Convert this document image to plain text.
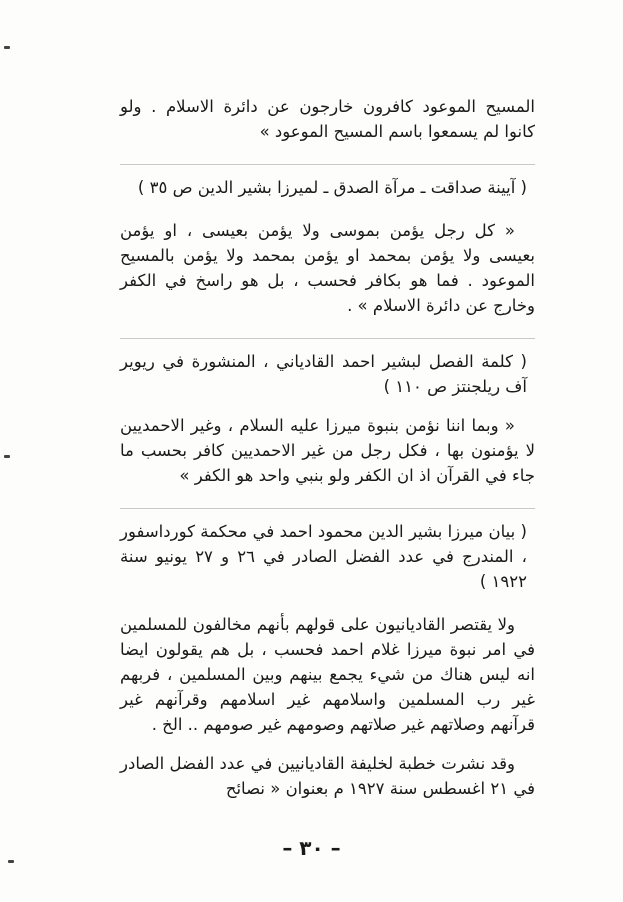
المسيح الموعود كافرون خارجون عن دائرة الاسلام . ولو كانوا لم يسمعوا باسم المسيح الموعود »

( آيينة صداقت ـ مرآة الصدق ـ لميرزا بشير الدين ص ٣٥ )

« كل رجل يؤمن بموسى ولا يؤمن بعيسى ، او يؤمن بعيسى ولا يؤمن بمحمد او يؤمن بمحمد ولا يؤمن بالمسيح الموعود . فما هو بكافر فحسب ، بل هو راسخ في الكفر وخارج عن دائرة الاسلام » .

( كلمة الفصل لبشير احمد القادياني ، المنشورة في ريوير آف ريلجنتز ص ١١٠ )

« وبما اننا نؤمن بنبوة ميرزا عليه السلام ، وغير الاحمديين لا يؤمنون بها ، فكل رجل من غير الاحمديين كافر بحسب ما جاء في القرآن اذ ان الكفر ولو بنبي واحد هو الكفر »

( بيان ميرزا بشير الدين محمود احمد في محكمة كورداسفور ، المندرج في عدد الفضل الصادر في ٢٦ و ٢٧ يونيو سنة ١٩٢٢ )

ولا يقتصر القاديانيون على قولهم بأنهم مخالفون للمسلمين في امر نبوة ميرزا غلام احمد فحسب ، بل هم يقولون ايضا انه ليس هناك من شيء يجمع بينهم وبين المسلمين ، فربهم غير رب المسلمين واسلامهم غير اسلامهم وقرآنهم غير قرآنهم وصلاتهم غير صلاتهم وصومهم غير صومهم .. الخ .

وقد نشرت خطبة لخليفة القاديانيين في عدد الفضل الصادر في ٢١ اغسطس سنة ١٩٢٧ م بعنوان « نصائح

– ٣٠ –
